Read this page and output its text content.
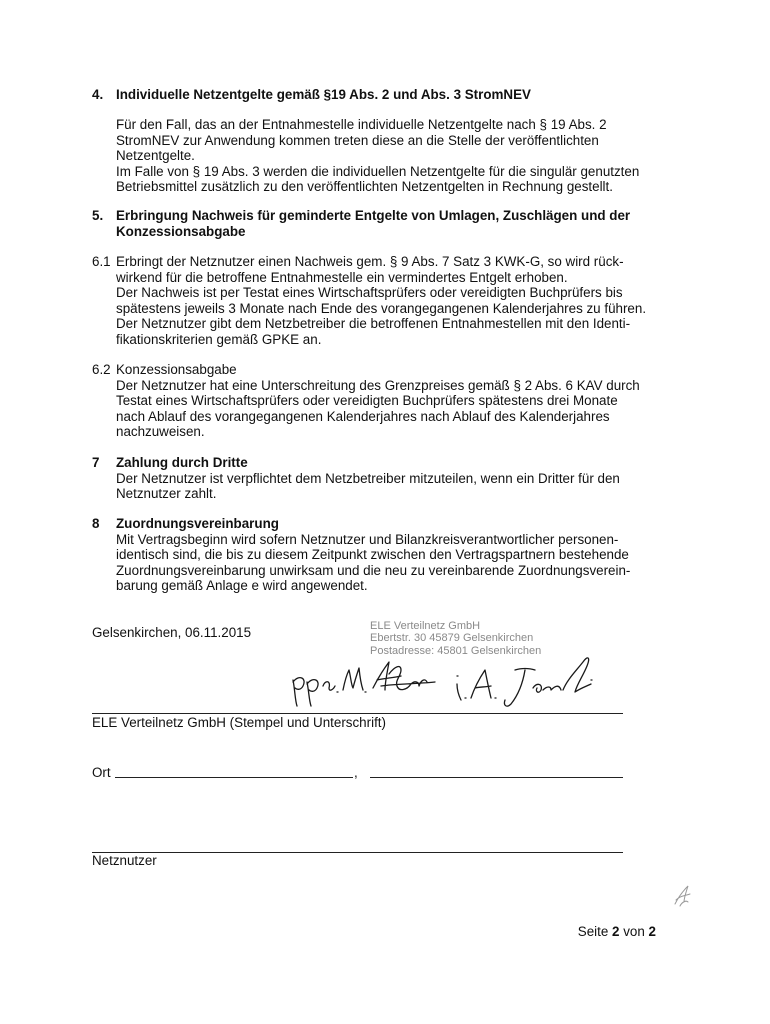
4. Individuelle Netzentgelte gemäß §19 Abs. 2 und Abs. 3 StromNEV

Für den Fall, das an der Entnahmestelle individuelle Netzentgelte nach § 19 Abs. 2

StromNEV zur Anwendung kommen treten diese an die Stelle der veröffentlichten

Netzentgelte.

Im Falle von § 19 Abs. 3 werden die individuellen Netzentgelte für die singulär genutzten

Betriebsmittel zusätzlich zu den veröffentlichten Netzentgelten in Rechnung gestellt.

5. Erbringung Nachweis für geminderte Entgelte von Umlagen, Zuschlägen und der

Konzessionsabgabe

6.1 Erbringt der Netznutzer einen Nachweis gem. § 9 Abs. 7 Satz 3 KWK-G, so wird rück-

wirkend für die betroffene Entnahmestelle ein vermindertes Entgelt erhoben.

Der Nachweis ist per Testat eines Wirtschaftsprüfers oder vereidigten Buchprüfers bis

spätestens jeweils 3 Monate nach Ende des vorangegangenen Kalenderjahres zu führen.

Der Netznutzer gibt dem Netzbetreiber die betroffenen Entnahmestellen mit den Identi-

fikationskriterien gemäß GPKE an.

6.2 Konzessionsabgabe

Der Netznutzer hat eine Unterschreitung des Grenzpreises gemäß § 2 Abs. 6 KAV durch

Testat eines Wirtschaftsprüfers oder vereidigten Buchprüfers spätestens drei Monate

nach Ablauf des vorangegangenen Kalenderjahres nach Ablauf des Kalenderjahres

nachzuweisen.

7 Zahlung durch Dritte

Der Netznutzer ist verpflichtet dem Netzbetreiber mitzuteilen, wenn ein Dritter für den

Netznutzer zahlt.

8 Zuordnungsvereinbarung

Mit Vertragsbeginn wird sofern Netznutzer und Bilanzkreisverantwortlicher personen-

identisch sind, die bis zu diesem Zeitpunkt zwischen den Vertragspartnern bestehende

Zuordnungsvereinbarung unwirksam und die neu zu vereinbarende Zuordnungsverein-

barung gemäß Anlage e wird angewendet.

Gelsenkirchen, 06.11.2015	ELE Verteilnetz GmbH

Ebertstr. 30 45879 Gelsenkirchen

Postadresse: 45801 Gelsenkirchen

ELE Verteilnetz GmbH (Stempel und Unterschrift)
Ort	,
Netznutzer
Seite 2 von 2
